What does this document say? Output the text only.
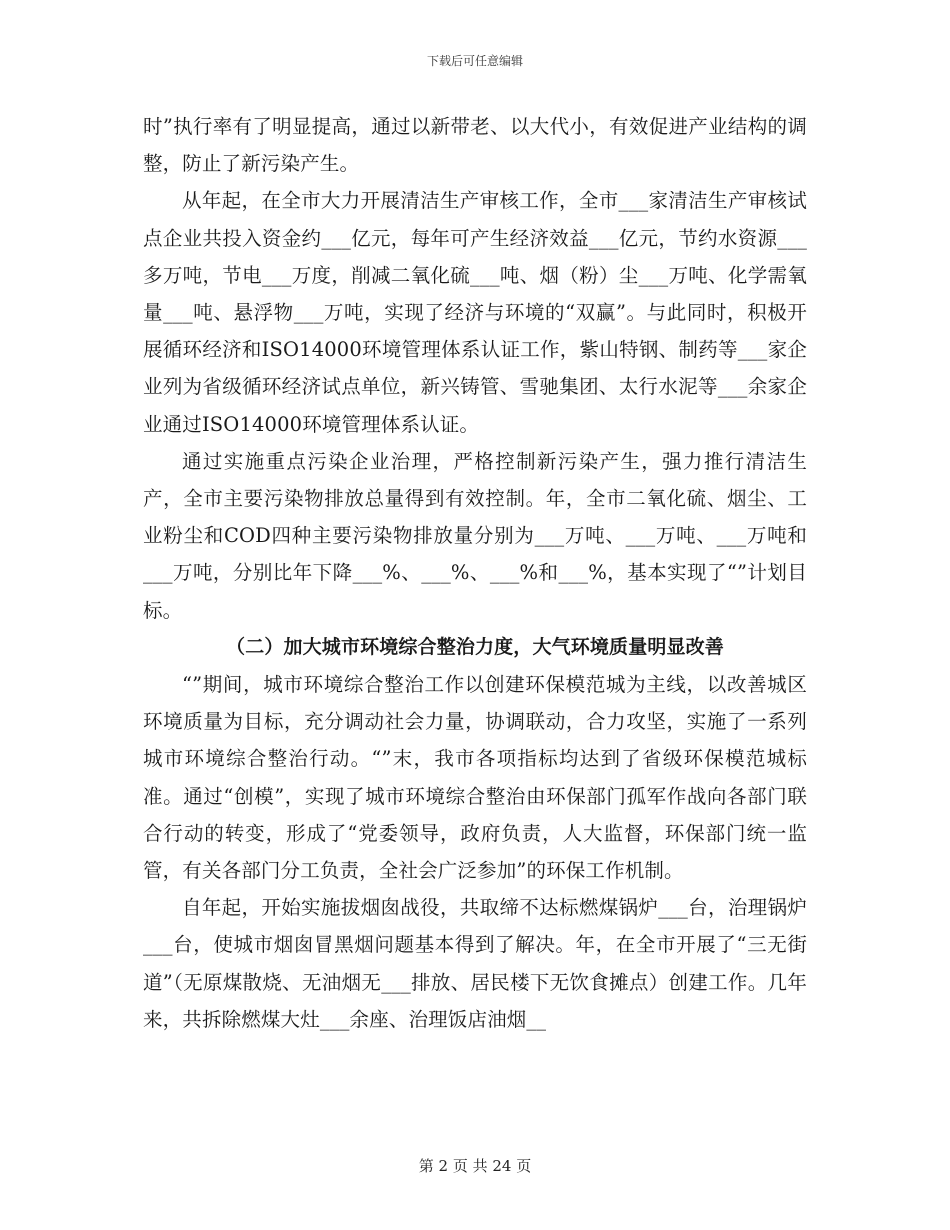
下载后可任意编辑

时”执行率有了明显提高，通过以新带老、以大代小，有效促进产业结构的调整，防止了新污染产生。

从年起，在全市大力开展清洁生产审核工作，全市___家清洁生产审核试点企业共投入资金约___亿元，每年可产生经济效益___亿元，节约水资源___多万吨，节电___万度，削减二氧化硫___吨、烟（粉）尘___万吨、化学需氧量___吨、悬浮物___万吨，实现了经济与环境的“双赢”。与此同时，积极开展循环经济和ISO14000环境管理体系认证工作，紫山特钢、制药等___家企业列为省级循环经济试点单位，新兴铸管、雪驰集团、太行水泥等___余家企业通过ISO14000环境管理体系认证。

通过实施重点污染企业治理，严格控制新污染产生，强力推行清洁生产，全市主要污染物排放总量得到有效控制。年，全市二氧化硫、烟尘、工业粉尘和COD四种主要污染物排放量分别为___万吨、___万吨、___万吨和___万吨，分别比年下降___%、___%、___%和___%，基本实现了“”计划目标。

（二）加大城市环境综合整治力度，大气环境质量明显改善

“”期间，城市环境综合整治工作以创建环保模范城为主线，以改善城区环境质量为目标，充分调动社会力量，协调联动，合力攻坚，实施了一系列城市环境综合整治行动。“”末，我市各项指标均达到了省级环保模范城标准。通过“创模”，实现了城市环境综合整治由环保部门孤军作战向各部门联合行动的转变，形成了“党委领导，政府负责，人大监督，环保部门统一监管，有关各部门分工负责，全社会广泛参加”的环保工作机制。

自年起，开始实施拔烟囱战役，共取缔不达标燃煤锅炉___台，治理锅炉___台，使城市烟囱冒黑烟问题基本得到了解决。年，在全市开展了“三无街道”（无原煤散烧、无油烟无___排放、居民楼下无饮食摊点）创建工作。几年来，共拆除燃煤大灶___余座、治理饭店油烟__

第 2 页 共 24 页
